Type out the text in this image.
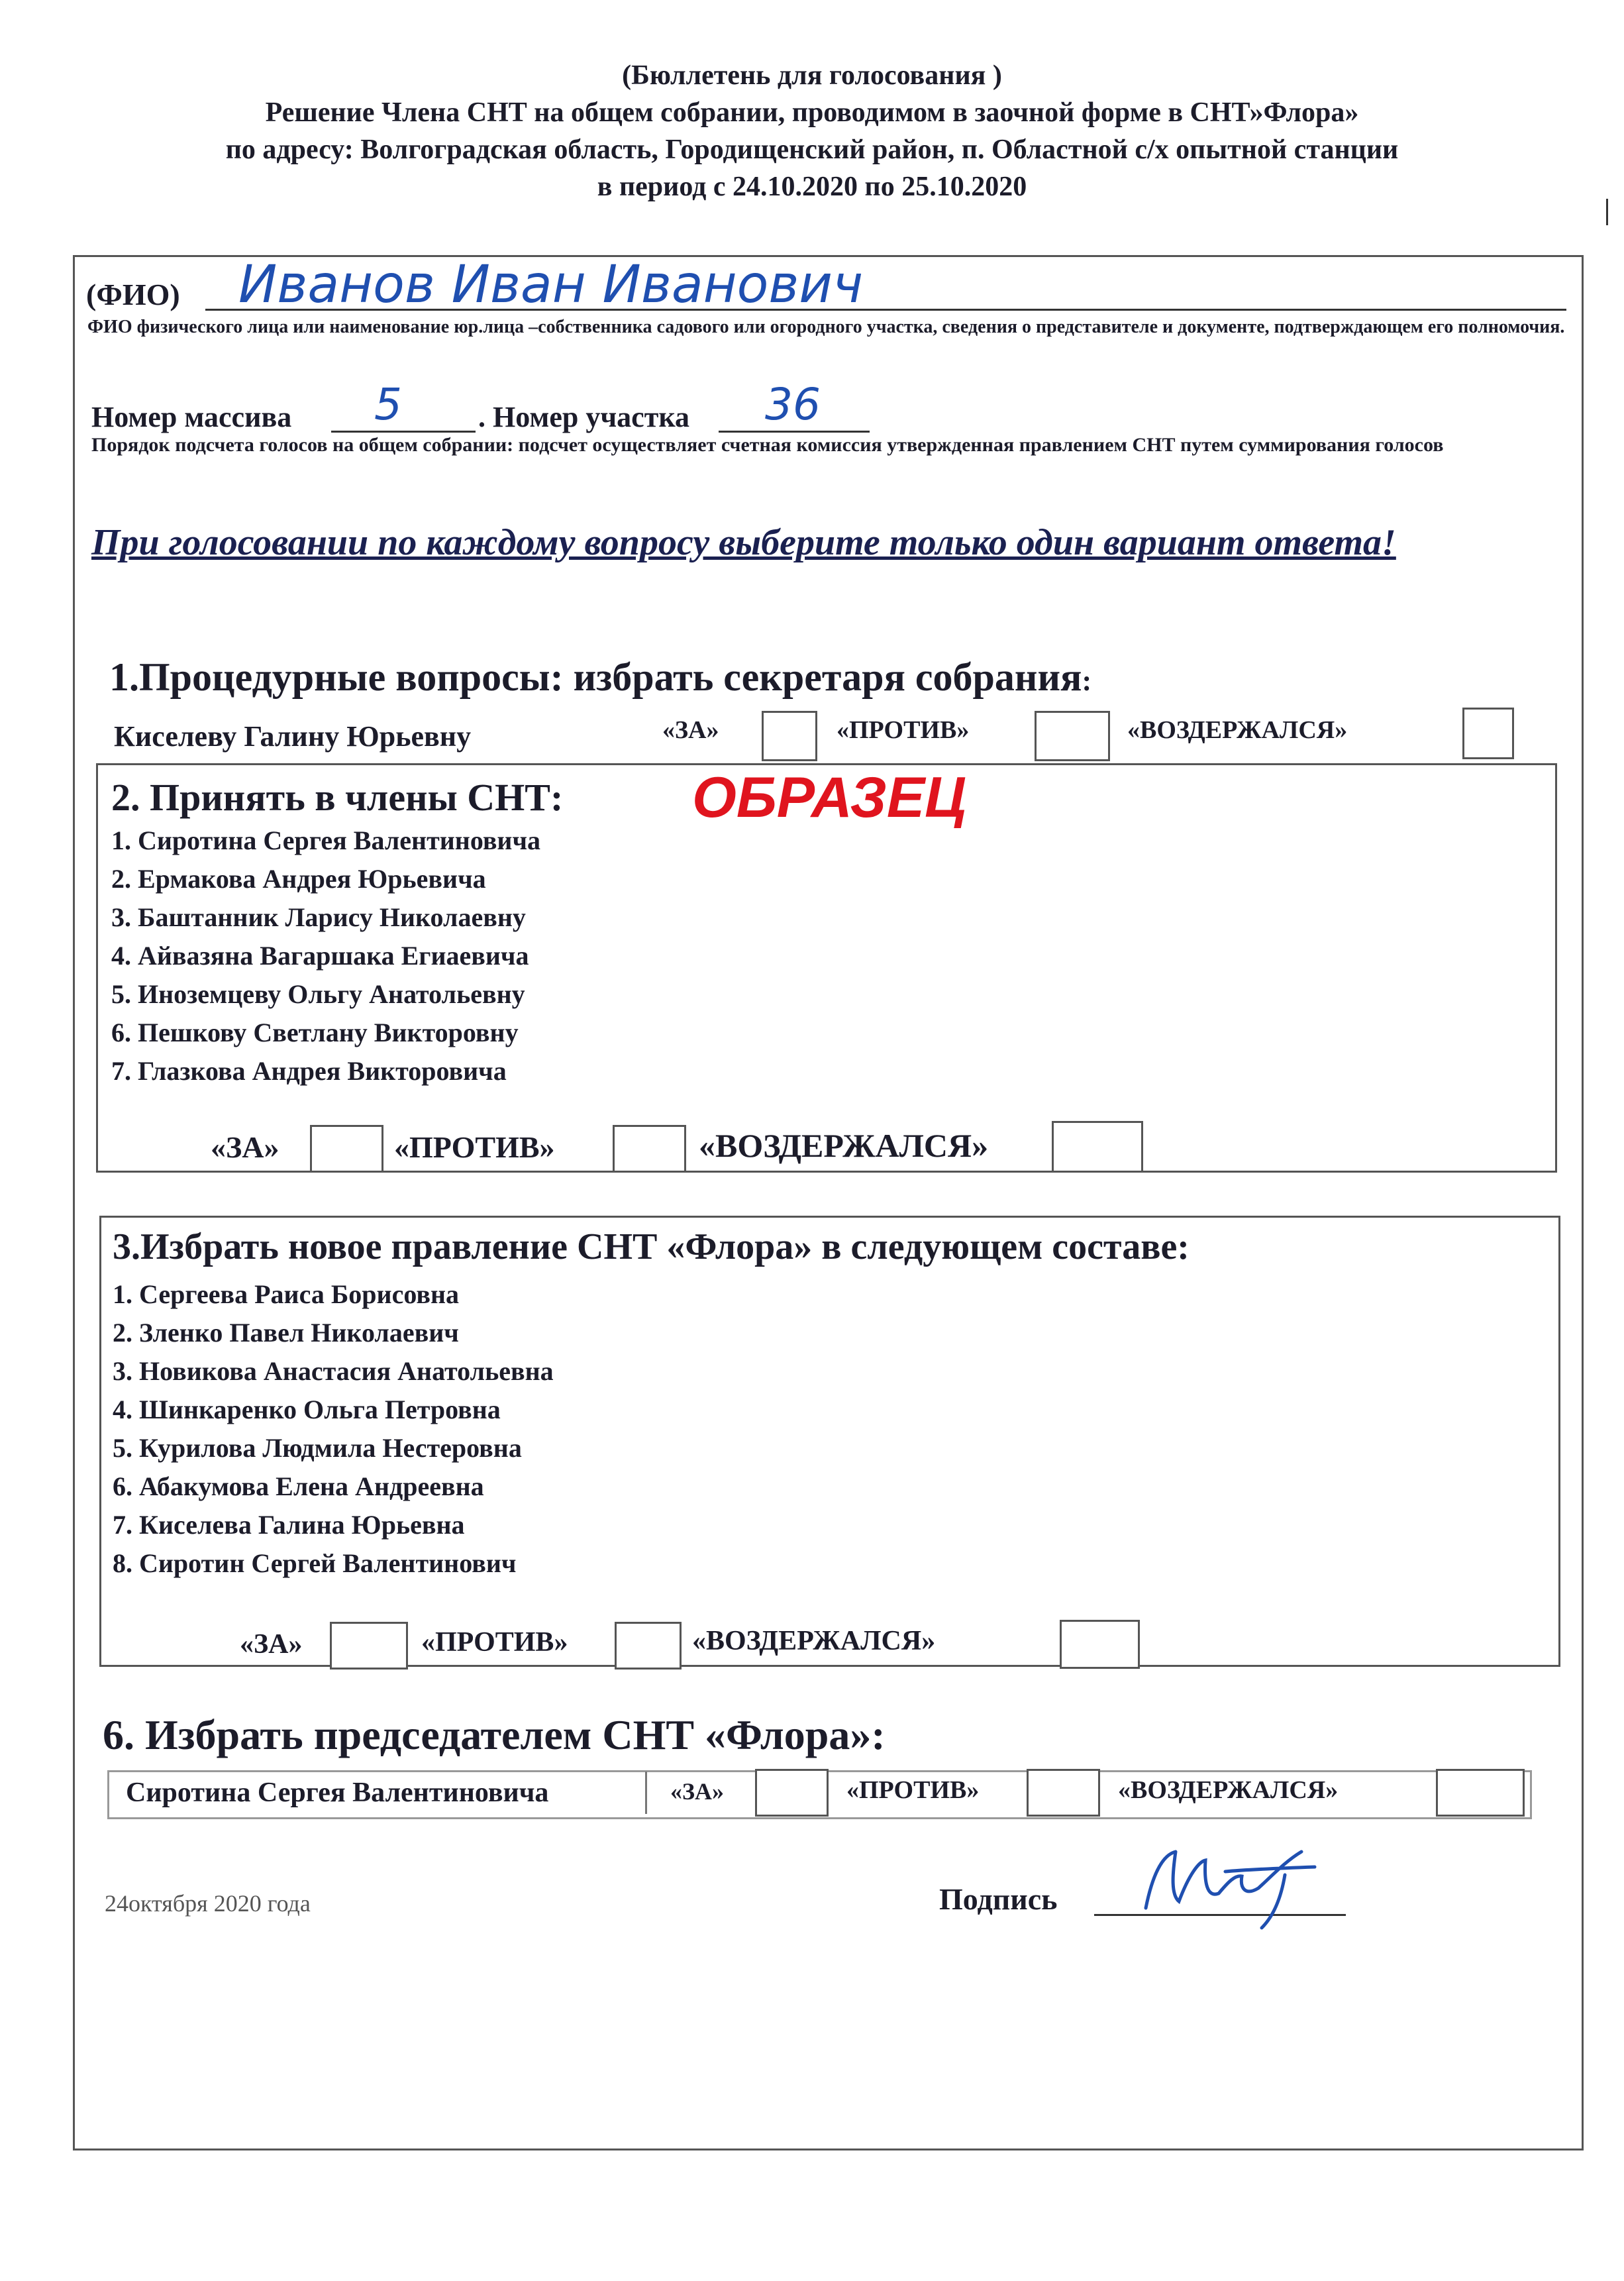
(Бюллетень для голосования )
Решение Члена СНТ на общем собрании, проводимом в заочной форме в СНТ»Флора»
по адресу: Волгоградская область, Городищенский район, п. Областной с/х опытной станции
в период с 24.10.2020 по 25.10.2020
(ФИО) Иванов Иван Иванович
ФИО физического лица или наименование юр.лица –собственника садового или огородного участка, сведения о представителе и документе, подтверждающем его полномочия.
Номер массива 5	. Номер участка 36
Порядок подсчета голосов на общем собрании: подсчет осуществляет счетная комиссия утвержденная правлением СНТ путем суммирования голосов
При голосовании по каждому вопросу выберите только один вариант ответа!
1.Процедурные вопросы: избрать секретаря собрания:
Киселеву Галину Юрьевну	«ЗА»	«ПРОТИВ»	«ВОЗДЕРЖАЛСЯ»
2. Принять в члены СНТ: ОБРАЗЕЦ
1. Сиротина Сергея Валентиновича
2. Ермакова Андрея Юрьевича
3. Баштанник Ларису Николаевну
4. Айвазяна Вагаршака Егиаевича
5. Иноземцеву Ольгу Анатольевну
6. Пешкову Светлану Викторовну
7. Глазкова Андрея Викторовича
«ЗА»	«ПРОТИВ»	«ВОЗДЕРЖАЛСЯ»
3.Избрать новое правление СНТ «Флора» в следующем составе:
1. Сергеева Раиса Борисовна
2. Зленко Павел Николаевич
3. Новикова Анастасия Анатольевна
4. Шинкаренко Ольга Петровна
5. Курилова Людмила Нестеровна
6. Абакумова Елена Андреевна
7. Киселева Галина Юрьевна
8. Сиротин Сергей Валентинович
«ЗА»	«ПРОТИВ»	«ВОЗДЕРЖАЛСЯ»
6. Избрать председателем СНТ «Флора»:
Сиротина Сергея Валентиновича	«ЗА»	«ПРОТИВ»	«ВОЗДЕРЖАЛСЯ»
24октября 2020 года	Подпись
Иван
